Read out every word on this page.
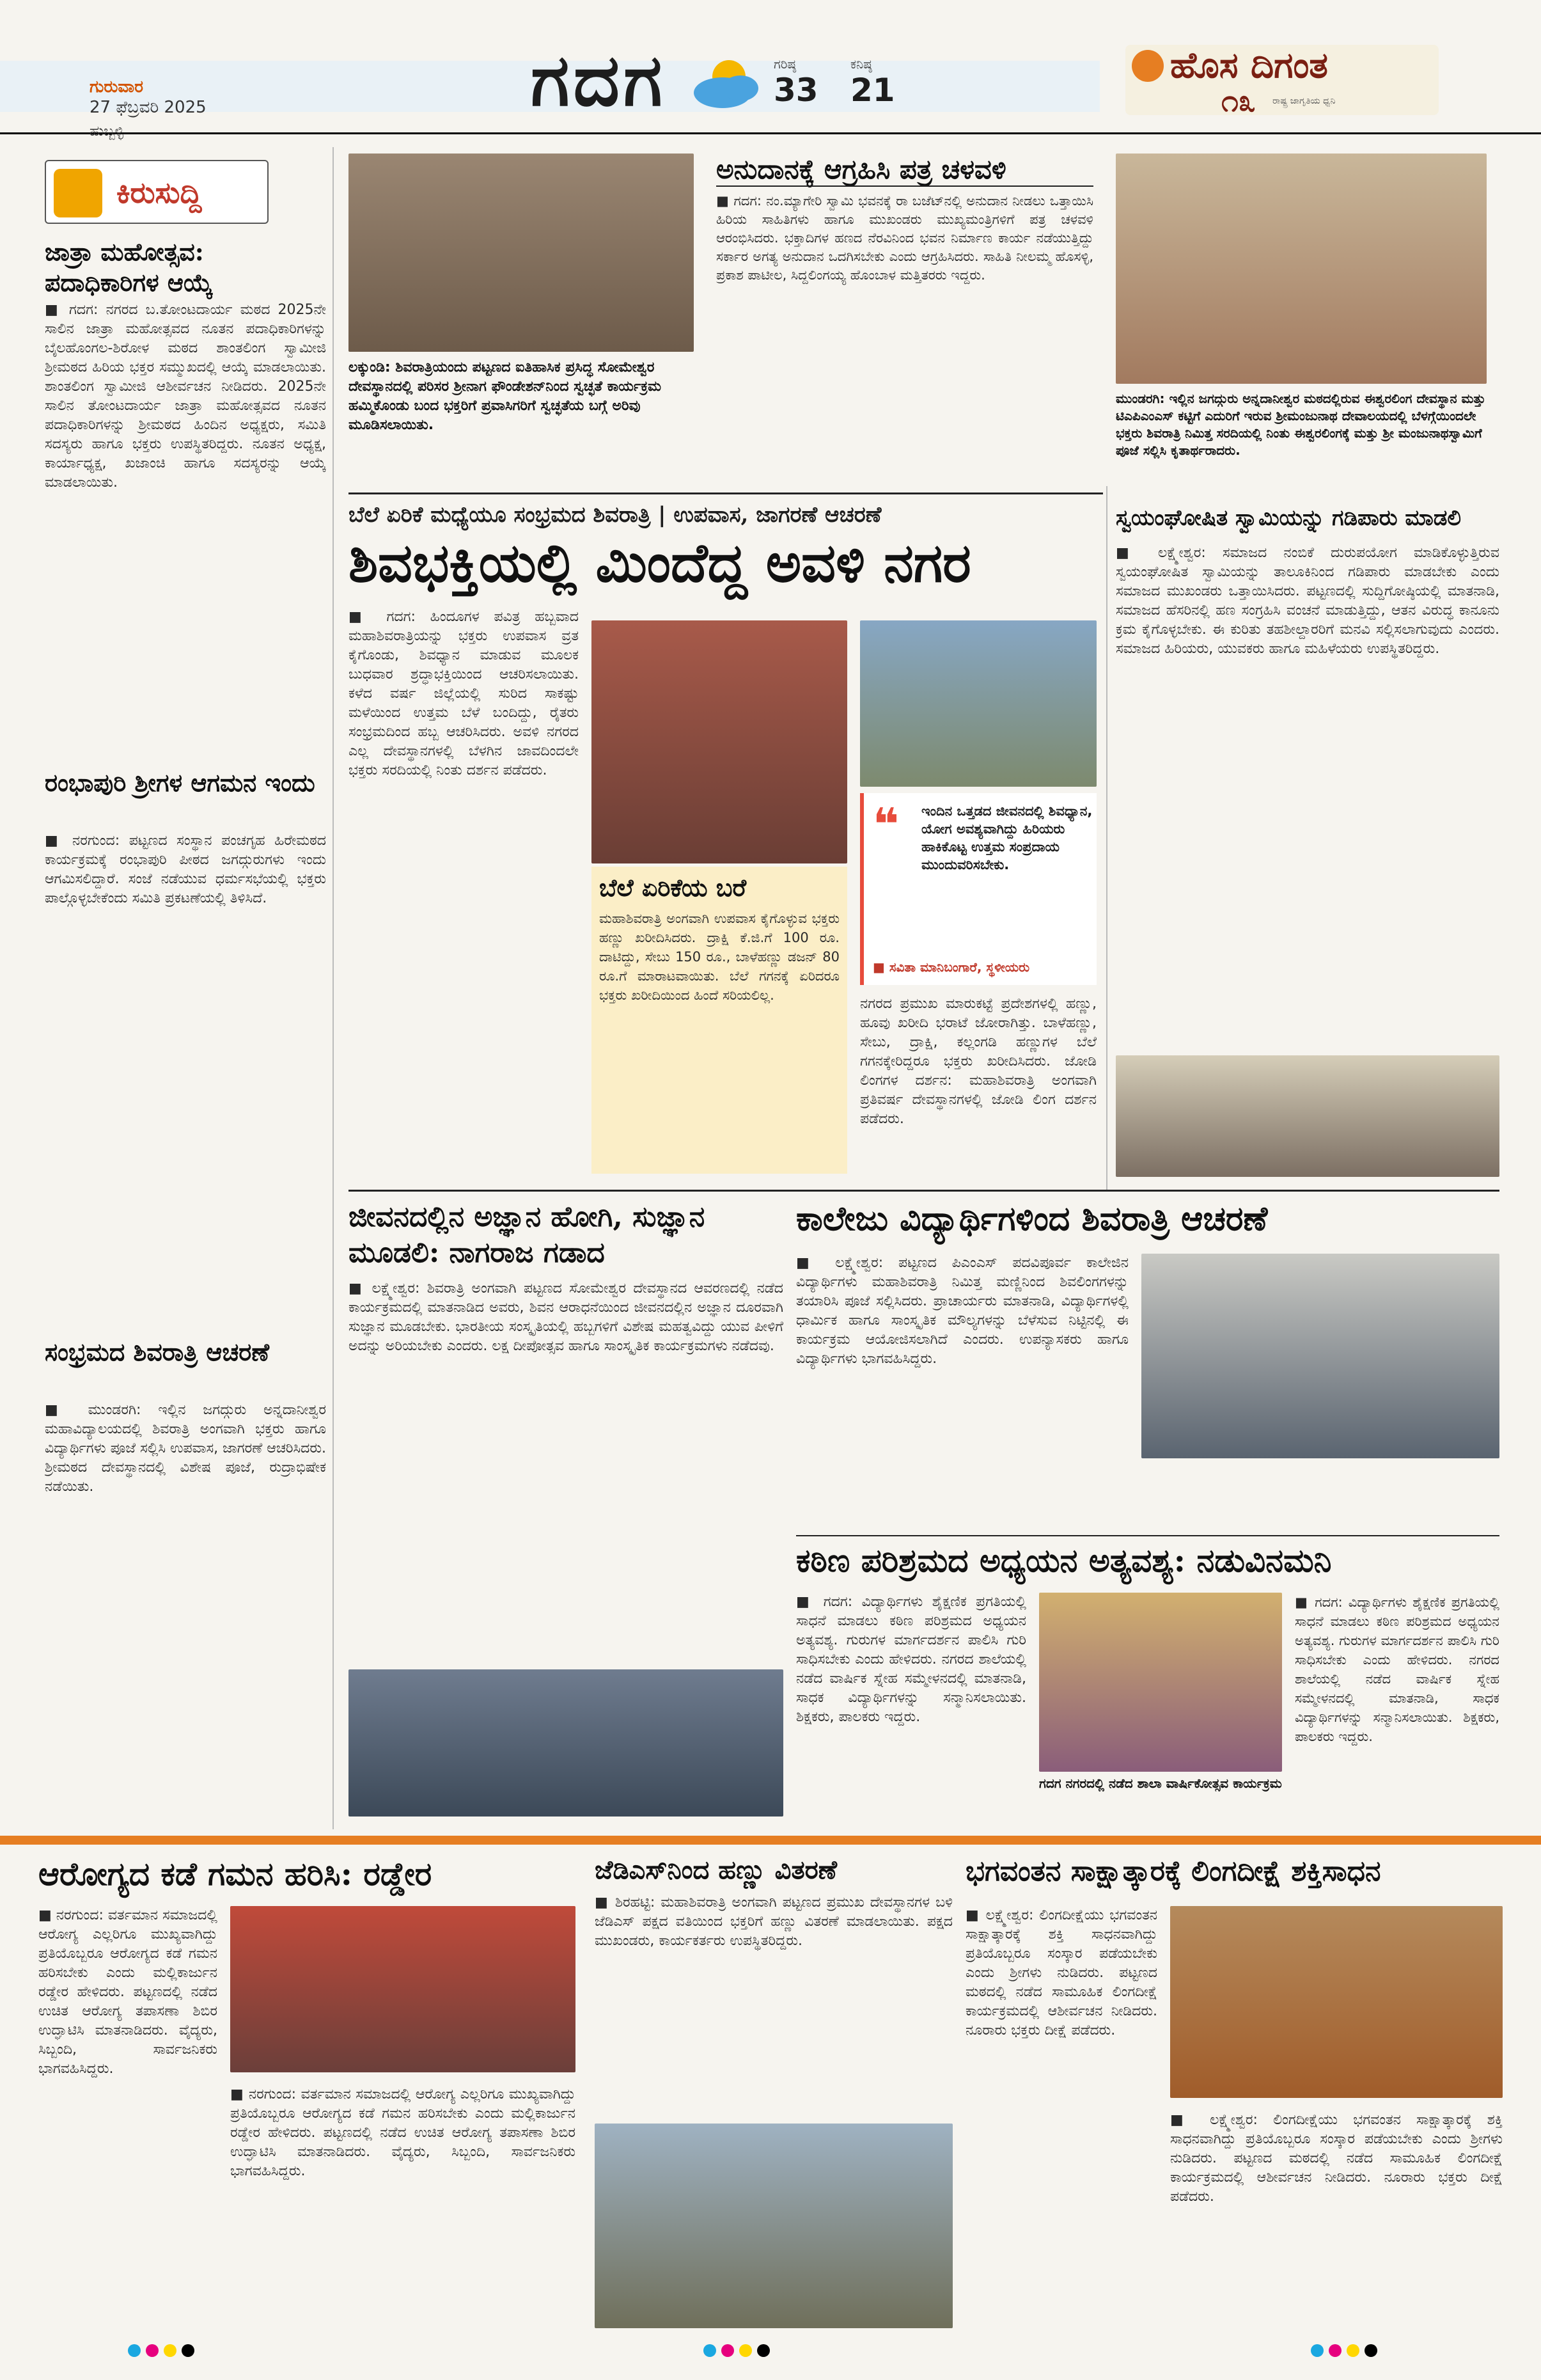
ಗುರುವಾರ
27 ಫೆಬ್ರವರಿ 2025
ಹುಬ್ಬಳ್ಳಿ
ಗದಗ	ಗರಿಷ್ಠ
33
ಕನಿಷ್ಠ
21
ಹೊಸ ದಿಗಂತ
೧೩ ರಾಷ್ಟ್ರ ಜಾಗೃತಿಯ ಧ್ವನಿ
ಕಿರುಸುದ್ದಿ
ಜಾತ್ರಾ ಮಹೋತ್ಸವ: ಪದಾಧಿಕಾರಿಗಳ ಆಯ್ಕೆ
■ ಗದಗ: ನಗರದ ಬ.ತೋಂಟದಾರ್ಯ ಮಠದ 2025ನೇ ಸಾಲಿನ ಜಾತ್ರಾ ಮಹೋತ್ಸವದ ನೂತನ ಪದಾಧಿಕಾರಿಗಳನ್ನು ಬೈಲಹೊಂಗಲ-ಶಿರೋಳ ಮಠದ ಶಾಂತಲಿಂಗ ಸ್ವಾಮೀಜಿ ಶ್ರೀಮಠದ ಹಿರಿಯ ಭಕ್ತರ ಸಮ್ಮುಖದಲ್ಲಿ ಆಯ್ಕೆ ಮಾಡಲಾಯಿತು. ಶಾಂತಲಿಂಗ ಸ್ವಾಮೀಜಿ ಆಶೀರ್ವಚನ ನೀಡಿದರು. 2025ನೇ ಸಾಲಿನ ತೋಂಟದಾರ್ಯ ಜಾತ್ರಾ ಮಹೋತ್ಸವದ ನೂತನ ಪದಾಧಿಕಾರಿಗಳನ್ನು ಶ್ರೀಮಠದ ಹಿಂದಿನ ಅಧ್ಯಕ್ಷರು, ಸಮಿತಿ ಸದಸ್ಯರು ಹಾಗೂ ಭಕ್ತರು ಉಪಸ್ಥಿತರಿದ್ದರು. ನೂತನ ಅಧ್ಯಕ್ಷ, ಕಾರ್ಯಾಧ್ಯಕ್ಷ, ಖಜಾಂಚಿ ಹಾಗೂ ಸದಸ್ಯರನ್ನು ಆಯ್ಕೆ ಮಾಡಲಾಯಿತು.
ರಂಭಾಪುರಿ ಶ್ರೀಗಳ ಆಗಮನ ಇಂದು
■ ನರಗುಂದ: ಪಟ್ಟಣದ ಸಂಸ್ಥಾನ ಪಂಚಗೃಹ ಹಿರೇಮಠದ ಕಾರ್ಯಕ್ರಮಕ್ಕೆ ರಂಭಾಪುರಿ ಪೀಠದ ಜಗದ್ಗುರುಗಳು ಇಂದು ಆಗಮಿಸಲಿದ್ದಾರೆ. ಸಂಜೆ ನಡೆಯುವ ಧರ್ಮಸಭೆಯಲ್ಲಿ ಭಕ್ತರು ಪಾಲ್ಗೊಳ್ಳಬೇಕೆಂದು ಸಮಿತಿ ಪ್ರಕಟಣೆಯಲ್ಲಿ ತಿಳಿಸಿದೆ.
ಸಂಭ್ರಮದ ಶಿವರಾತ್ರಿ ಆಚರಣೆ
■ ಮುಂಡರಗಿ: ಇಲ್ಲಿನ ಜಗದ್ಗುರು ಅನ್ನದಾನೀಶ್ವರ ಮಹಾವಿದ್ಯಾಲಯದಲ್ಲಿ ಶಿವರಾತ್ರಿ ಅಂಗವಾಗಿ ಭಕ್ತರು ಹಾಗೂ ವಿದ್ಯಾರ್ಥಿಗಳು ಪೂಜೆ ಸಲ್ಲಿಸಿ ಉಪವಾಸ, ಜಾಗರಣೆ ಆಚರಿಸಿದರು. ಶ್ರೀಮಠದ ದೇವಸ್ಥಾನದಲ್ಲಿ ವಿಶೇಷ ಪೂಜೆ, ರುದ್ರಾಭಿಷೇಕ ನಡೆಯಿತು.
ಲಕ್ಕುಂಡಿ: ಶಿವರಾತ್ರಿಯಂದು ಪಟ್ಟಣದ ಐತಿಹಾಸಿಕ ಪ್ರಸಿದ್ಧ ಸೋಮೇಶ್ವರ ದೇವಸ್ಥಾನದಲ್ಲಿ ಪರಿಸರ ಶ್ರೀನಾಗ ಫೌಂಡೇಶನ್‌ನಿಂದ ಸ್ವಚ್ಛತೆ ಕಾರ್ಯಕ್ರಮ ಹಮ್ಮಿಕೊಂಡು ಬಂದ ಭಕ್ತರಿಗೆ ಪ್ರವಾಸಿಗರಿಗೆ ಸ್ವಚ್ಛತೆಯ ಬಗ್ಗೆ ಅರಿವು ಮೂಡಿಸಲಾಯಿತು.
ಅನುದಾನಕ್ಕೆ ಆಗ್ರಹಿಸಿ ಪತ್ರ ಚಳವಳಿ
■ ಗದಗ: ನಂ.ಮ್ಯಾಗೇರಿ ಸ್ವಾಮಿ ಭವನಕ್ಕೆ ರಾ ಬಜೆಟ್‌ನಲ್ಲಿ ಅನುದಾನ ನೀಡಲು ಒತ್ತಾಯಿಸಿ ಹಿರಿಯ ಸಾಹಿತಿಗಳು ಹಾಗೂ ಮುಖಂಡರು ಮುಖ್ಯಮಂತ್ರಿಗಳಿಗೆ ಪತ್ರ ಚಳವಳಿ ಆರಂಭಿಸಿದರು. ಭಕ್ತಾದಿಗಳ ಹಣದ ನೆರವಿನಿಂದ ಭವನ ನಿರ್ಮಾಣ ಕಾರ್ಯ ನಡೆಯುತ್ತಿದ್ದು ಸರ್ಕಾರ ಅಗತ್ಯ ಅನುದಾನ ಒದಗಿಸಬೇಕು ಎಂದು ಆಗ್ರಹಿಸಿದರು. ಸಾಹಿತಿ ನೀಲಮ್ಮ ಹೊಸಳ್ಳಿ, ಪ್ರಕಾಶ ಪಾಟೀಲ, ಸಿದ್ದಲಿಂಗಯ್ಯ ಹೊಂಬಾಳ ಮತ್ತಿತರರು ಇದ್ದರು.
ಮುಂಡರಗಿ: ಇಲ್ಲಿನ ಜಗದ್ಗುರು ಅನ್ನದಾನೀಶ್ವರ ಮಠದಲ್ಲಿರುವ ಈಶ್ವರಲಿಂಗ ದೇವಸ್ಥಾನ ಮತ್ತು ಟಿಎಪಿಎಂಎಸ್ ಕಟ್ಟಿಗೆ ಎದುರಿಗೆ ಇರುವ ಶ್ರೀಮಂಜುನಾಥ ದೇವಾಲಯದಲ್ಲಿ ಬೆಳಗ್ಗೆಯಿಂದಲೇ ಭಕ್ತರು ಶಿವರಾತ್ರಿ ನಿಮಿತ್ತ ಸರದಿಯಲ್ಲಿ ನಿಂತು ಈಶ್ವರಲಿಂಗಕ್ಕೆ ಮತ್ತು ಶ್ರೀ ಮಂಜುನಾಥಸ್ವಾಮಿಗೆ ಪೂಜೆ ಸಲ್ಲಿಸಿ ಕೃತಾರ್ಥರಾದರು.
ಬೆಲೆ ಏರಿಕೆ ಮಧ್ಯೆಯೂ ಸಂಭ್ರಮದ ಶಿವರಾತ್ರಿ | ಉಪವಾಸ, ಜಾಗರಣೆ ಆಚರಣೆ
ಶಿವಭಕ್ತಿಯಲ್ಲಿ ಮಿಂದೆದ್ದ ಅವಳಿ ನಗರ
■ ಗದಗ: ಹಿಂದೂಗಳ ಪವಿತ್ರ ಹಬ್ಬವಾದ ಮಹಾಶಿವರಾತ್ರಿಯನ್ನು ಭಕ್ತರು ಉಪವಾಸ ವ್ರತ ಕೈಗೊಂಡು, ಶಿವಧ್ಯಾನ ಮಾಡುವ ಮೂಲಕ ಬುಧವಾರ ಶ್ರದ್ಧಾಭಕ್ತಿಯಿಂದ ಆಚರಿಸಲಾಯಿತು. ಕಳೆದ ವರ್ಷ ಜಿಲ್ಲೆಯಲ್ಲಿ ಸುರಿದ ಸಾಕಷ್ಟು ಮಳೆಯಿಂದ ಉತ್ತಮ ಬೆಳೆ ಬಂದಿದ್ದು, ರೈತರು ಸಂಭ್ರಮದಿಂದ ಹಬ್ಬ ಆಚರಿಸಿದರು. ಅವಳಿ ನಗರದ ಎಲ್ಲ ದೇವಸ್ಥಾನಗಳಲ್ಲಿ ಬೆಳಗಿನ ಜಾವದಿಂದಲೇ ಭಕ್ತರು ಸರದಿಯಲ್ಲಿ ನಿಂತು ದರ್ಶನ ಪಡೆದರು.
ಬೆಲೆ ಏರಿಕೆಯ ಬರೆ
ಮಹಾಶಿವರಾತ್ರಿ ಅಂಗವಾಗಿ ಉಪವಾಸ ಕೈಗೊಳ್ಳುವ ಭಕ್ತರು ಹಣ್ಣು ಖರೀದಿಸಿದರು. ದ್ರಾಕ್ಷಿ ಕೆ.ಜಿ.ಗೆ 100 ರೂ. ದಾಟಿದ್ದು, ಸೇಬು 150 ರೂ., ಬಾಳೆಹಣ್ಣು ಡಜನ್ 80 ರೂ.ಗೆ ಮಾರಾಟವಾಯಿತು. ಬೆಲೆ ಗಗನಕ್ಕೆ ಏರಿದರೂ ಭಕ್ತರು ಖರೀದಿಯಿಂದ ಹಿಂದೆ ಸರಿಯಲಿಲ್ಲ.
❝ ಇಂದಿನ ಒತ್ತಡದ ಜೀವನದಲ್ಲಿ ಶಿವಧ್ಯಾನ, ಯೋಗ ಅವಶ್ಯವಾಗಿದ್ದು ಹಿರಿಯರು ಹಾಕಿಕೊಟ್ಟ ಉತ್ತಮ ಸಂಪ್ರದಾಯ ಮುಂದುವರಿಸಬೇಕು.
■ ಸವಿತಾ ಮಾನಿಬಂಗಾರೆ, ಸ್ಥಳೀಯರು
ನಗರದ ಪ್ರಮುಖ ಮಾರುಕಟ್ಟೆ ಪ್ರದೇಶಗಳಲ್ಲಿ ಹಣ್ಣು, ಹೂವು ಖರೀದಿ ಭರಾಟೆ ಜೋರಾಗಿತ್ತು. ಬಾಳೆಹಣ್ಣು, ಸೇಬು, ದ್ರಾಕ್ಷಿ, ಕಲ್ಲಂಗಡಿ ಹಣ್ಣುಗಳ ಬೆಲೆ ಗಗನಕ್ಕೇರಿದ್ದರೂ ಭಕ್ತರು ಖರೀದಿಸಿದರು. ಜೋಡಿ ಲಿಂಗಗಳ ದರ್ಶನ: ಮಹಾಶಿವರಾತ್ರಿ ಅಂಗವಾಗಿ ಪ್ರತಿವರ್ಷ ದೇವಸ್ಥಾನಗಳಲ್ಲಿ ಜೋಡಿ ಲಿಂಗ ದರ್ಶನ ಪಡೆದರು.
ಸ್ವಯಂಘೋಷಿತ ಸ್ವಾಮಿಯನ್ನು ಗಡಿಪಾರು ಮಾಡಲಿ
■ ಲಕ್ಷ್ಮೇಶ್ವರ: ಸಮಾಜದ ನಂಬಿಕೆ ದುರುಪಯೋಗ ಮಾಡಿಕೊಳ್ಳುತ್ತಿರುವ ಸ್ವಯಂಘೋಷಿತ ಸ್ವಾಮಿಯನ್ನು ತಾಲೂಕಿನಿಂದ ಗಡಿಪಾರು ಮಾಡಬೇಕು ಎಂದು ಸಮಾಜದ ಮುಖಂಡರು ಒತ್ತಾಯಿಸಿದರು. ಪಟ್ಟಣದಲ್ಲಿ ಸುದ್ದಿಗೋಷ್ಠಿಯಲ್ಲಿ ಮಾತನಾಡಿ, ಸಮಾಜದ ಹೆಸರಿನಲ್ಲಿ ಹಣ ಸಂಗ್ರಹಿಸಿ ವಂಚನೆ ಮಾಡುತ್ತಿದ್ದು, ಆತನ ವಿರುದ್ಧ ಕಾನೂನು ಕ್ರಮ ಕೈಗೊಳ್ಳಬೇಕು. ಈ ಕುರಿತು ತಹಶೀಲ್ದಾರರಿಗೆ ಮನವಿ ಸಲ್ಲಿಸಲಾಗುವುದು ಎಂದರು. ಸಮಾಜದ ಹಿರಿಯರು, ಯುವಕರು ಹಾಗೂ ಮಹಿಳೆಯರು ಉಪಸ್ಥಿತರಿದ್ದರು.
ಜೀವನದಲ್ಲಿನ ಅಜ್ಞಾನ ಹೋಗಿ, ಸುಜ್ಞಾನ ಮೂಡಲಿ: ನಾಗರಾಜ ಗಡಾದ
■ ಲಕ್ಷ್ಮೇಶ್ವರ: ಶಿವರಾತ್ರಿ ಅಂಗವಾಗಿ ಪಟ್ಟಣದ ಸೋಮೇಶ್ವರ ದೇವಸ್ಥಾನದ ಆವರಣದಲ್ಲಿ ನಡೆದ ಕಾರ್ಯಕ್ರಮದಲ್ಲಿ ಮಾತನಾಡಿದ ಅವರು, ಶಿವನ ಆರಾಧನೆಯಿಂದ ಜೀವನದಲ್ಲಿನ ಅಜ್ಞಾನ ದೂರವಾಗಿ ಸುಜ್ಞಾನ ಮೂಡಬೇಕು. ಭಾರತೀಯ ಸಂಸ್ಕೃತಿಯಲ್ಲಿ ಹಬ್ಬಗಳಿಗೆ ವಿಶೇಷ ಮಹತ್ವವಿದ್ದು ಯುವ ಪೀಳಿಗೆ ಅದನ್ನು ಅರಿಯಬೇಕು ಎಂದರು. ಲಕ್ಷ ದೀಪೋತ್ಸವ ಹಾಗೂ ಸಾಂಸ್ಕೃತಿಕ ಕಾರ್ಯಕ್ರಮಗಳು ನಡೆದವು.
ಕಾಲೇಜು ವಿದ್ಯಾರ್ಥಿಗಳಿಂದ ಶಿವರಾತ್ರಿ ಆಚರಣೆ
■ ಲಕ್ಷ್ಮೇಶ್ವರ: ಪಟ್ಟಣದ ಪಿಎಂಎಸ್ ಪದವಿಪೂರ್ವ ಕಾಲೇಜಿನ ವಿದ್ಯಾರ್ಥಿಗಳು ಮಹಾಶಿವರಾತ್ರಿ ನಿಮಿತ್ತ ಮಣ್ಣಿನಿಂದ ಶಿವಲಿಂಗಗಳನ್ನು ತಯಾರಿಸಿ ಪೂಜೆ ಸಲ್ಲಿಸಿದರು. ಪ್ರಾಚಾರ್ಯರು ಮಾತನಾಡಿ, ವಿದ್ಯಾರ್ಥಿಗಳಲ್ಲಿ ಧಾರ್ಮಿಕ ಹಾಗೂ ಸಾಂಸ್ಕೃತಿಕ ಮೌಲ್ಯಗಳನ್ನು ಬೆಳೆಸುವ ನಿಟ್ಟಿನಲ್ಲಿ ಈ ಕಾರ್ಯಕ್ರಮ ಆಯೋಜಿಸಲಾಗಿದೆ ಎಂದರು. ಉಪನ್ಯಾಸಕರು ಹಾಗೂ ವಿದ್ಯಾರ್ಥಿಗಳು ಭಾಗವಹಿಸಿದ್ದರು.
ಕಠಿಣ ಪರಿಶ್ರಮದ ಅಧ್ಯಯನ ಅತ್ಯವಶ್ಯ: ನಡುವಿನಮನಿ
■ ಗದಗ: ವಿದ್ಯಾರ್ಥಿಗಳು ಶೈಕ್ಷಣಿಕ ಪ್ರಗತಿಯಲ್ಲಿ ಸಾಧನೆ ಮಾಡಲು ಕಠಿಣ ಪರಿಶ್ರಮದ ಅಧ್ಯಯನ ಅತ್ಯವಶ್ಯ. ಗುರುಗಳ ಮಾರ್ಗದರ್ಶನ ಪಾಲಿಸಿ ಗುರಿ ಸಾಧಿಸಬೇಕು ಎಂದು ಹೇಳಿದರು. ನಗರದ ಶಾಲೆಯಲ್ಲಿ ನಡೆದ ವಾರ್ಷಿಕ ಸ್ನೇಹ ಸಮ್ಮೇಳನದಲ್ಲಿ ಮಾತನಾಡಿ, ಸಾಧಕ ವಿದ್ಯಾರ್ಥಿಗಳನ್ನು ಸನ್ಮಾನಿಸಲಾಯಿತು. ಶಿಕ್ಷಕರು, ಪಾಲಕರು ಇದ್ದರು.
ಗದಗ ನಗರದಲ್ಲಿ ನಡೆದ ಶಾಲಾ ವಾರ್ಷಿಕೋತ್ಸವ ಕಾರ್ಯಕ್ರಮ
■ ಗದಗ: ವಿದ್ಯಾರ್ಥಿಗಳು ಶೈಕ್ಷಣಿಕ ಪ್ರಗತಿಯಲ್ಲಿ ಸಾಧನೆ ಮಾಡಲು ಕಠಿಣ ಪರಿಶ್ರಮದ ಅಧ್ಯಯನ ಅತ್ಯವಶ್ಯ. ಗುರುಗಳ ಮಾರ್ಗದರ್ಶನ ಪಾಲಿಸಿ ಗುರಿ ಸಾಧಿಸಬೇಕು ಎಂದು ಹೇಳಿದರು. ನಗರದ ಶಾಲೆಯಲ್ಲಿ ನಡೆದ ವಾರ್ಷಿಕ ಸ್ನೇಹ ಸಮ್ಮೇಳನದಲ್ಲಿ ಮಾತನಾಡಿ, ಸಾಧಕ ವಿದ್ಯಾರ್ಥಿಗಳನ್ನು ಸನ್ಮಾನಿಸಲಾಯಿತು. ಶಿಕ್ಷಕರು, ಪಾಲಕರು ಇದ್ದರು.
ಆರೋಗ್ಯದ ಕಡೆ ಗಮನ ಹರಿಸಿ: ರಡ್ಡೇರ
■ ನರಗುಂದ: ವರ್ತಮಾನ ಸಮಾಜದಲ್ಲಿ ಆರೋಗ್ಯ ಎಲ್ಲರಿಗೂ ಮುಖ್ಯವಾಗಿದ್ದು ಪ್ರತಿಯೊಬ್ಬರೂ ಆರೋಗ್ಯದ ಕಡೆ ಗಮನ ಹರಿಸಬೇಕು ಎಂದು ಮಲ್ಲಿಕಾರ್ಜುನ ರಡ್ಡೇರ ಹೇಳಿದರು. ಪಟ್ಟಣದಲ್ಲಿ ನಡೆದ ಉಚಿತ ಆರೋಗ್ಯ ತಪಾಸಣಾ ಶಿಬಿರ ಉದ್ಘಾಟಿಸಿ ಮಾತನಾಡಿದರು. ವೈದ್ಯರು, ಸಿಬ್ಬಂದಿ, ಸಾರ್ವಜನಿಕರು ಭಾಗವಹಿಸಿದ್ದರು.
■ ನರಗುಂದ: ವರ್ತಮಾನ ಸಮಾಜದಲ್ಲಿ ಆರೋಗ್ಯ ಎಲ್ಲರಿಗೂ ಮುಖ್ಯವಾಗಿದ್ದು ಪ್ರತಿಯೊಬ್ಬರೂ ಆರೋಗ್ಯದ ಕಡೆ ಗಮನ ಹರಿಸಬೇಕು ಎಂದು ಮಲ್ಲಿಕಾರ್ಜುನ ರಡ್ಡೇರ ಹೇಳಿದರು. ಪಟ್ಟಣದಲ್ಲಿ ನಡೆದ ಉಚಿತ ಆರೋಗ್ಯ ತಪಾಸಣಾ ಶಿಬಿರ ಉದ್ಘಾಟಿಸಿ ಮಾತನಾಡಿದರು. ವೈದ್ಯರು, ಸಿಬ್ಬಂದಿ, ಸಾರ್ವಜನಿಕರು ಭಾಗವಹಿಸಿದ್ದರು.
ಜೆಡಿಎಸ್‌ನಿಂದ ಹಣ್ಣು ವಿತರಣೆ
■ ಶಿರಹಟ್ಟಿ: ಮಹಾಶಿವರಾತ್ರಿ ಅಂಗವಾಗಿ ಪಟ್ಟಣದ ಪ್ರಮುಖ ದೇವಸ್ಥಾನಗಳ ಬಳಿ ಜೆಡಿಎಸ್ ಪಕ್ಷದ ವತಿಯಿಂದ ಭಕ್ತರಿಗೆ ಹಣ್ಣು ವಿತರಣೆ ಮಾಡಲಾಯಿತು. ಪಕ್ಷದ ಮುಖಂಡರು, ಕಾರ್ಯಕರ್ತರು ಉಪಸ್ಥಿತರಿದ್ದರು.
ಭಗವಂತನ ಸಾಕ್ಷಾತ್ಕಾರಕ್ಕೆ ಲಿಂಗದೀಕ್ಷೆ ಶಕ್ತಿಸಾಧನ
■ ಲಕ್ಷ್ಮೇಶ್ವರ: ಲಿಂಗದೀಕ್ಷೆಯು ಭಗವಂತನ ಸಾಕ್ಷಾತ್ಕಾರಕ್ಕೆ ಶಕ್ತಿ ಸಾಧನವಾಗಿದ್ದು ಪ್ರತಿಯೊಬ್ಬರೂ ಸಂಸ್ಕಾರ ಪಡೆಯಬೇಕು ಎಂದು ಶ್ರೀಗಳು ನುಡಿದರು. ಪಟ್ಟಣದ ಮಠದಲ್ಲಿ ನಡೆದ ಸಾಮೂಹಿಕ ಲಿಂಗದೀಕ್ಷೆ ಕಾರ್ಯಕ್ರಮದಲ್ಲಿ ಆಶೀರ್ವಚನ ನೀಡಿದರು. ನೂರಾರು ಭಕ್ತರು ದೀಕ್ಷೆ ಪಡೆದರು.
■ ಲಕ್ಷ್ಮೇಶ್ವರ: ಲಿಂಗದೀಕ್ಷೆಯು ಭಗವಂತನ ಸಾಕ್ಷಾತ್ಕಾರಕ್ಕೆ ಶಕ್ತಿ ಸಾಧನವಾಗಿದ್ದು ಪ್ರತಿಯೊಬ್ಬರೂ ಸಂಸ್ಕಾರ ಪಡೆಯಬೇಕು ಎಂದು ಶ್ರೀಗಳು ನುಡಿದರು. ಪಟ್ಟಣದ ಮಠದಲ್ಲಿ ನಡೆದ ಸಾಮೂಹಿಕ ಲಿಂಗದೀಕ್ಷೆ ಕಾರ್ಯಕ್ರಮದಲ್ಲಿ ಆಶೀರ್ವಚನ ನೀಡಿದರು. ನೂರಾರು ಭಕ್ತರು ದೀಕ್ಷೆ ಪಡೆದರು.
